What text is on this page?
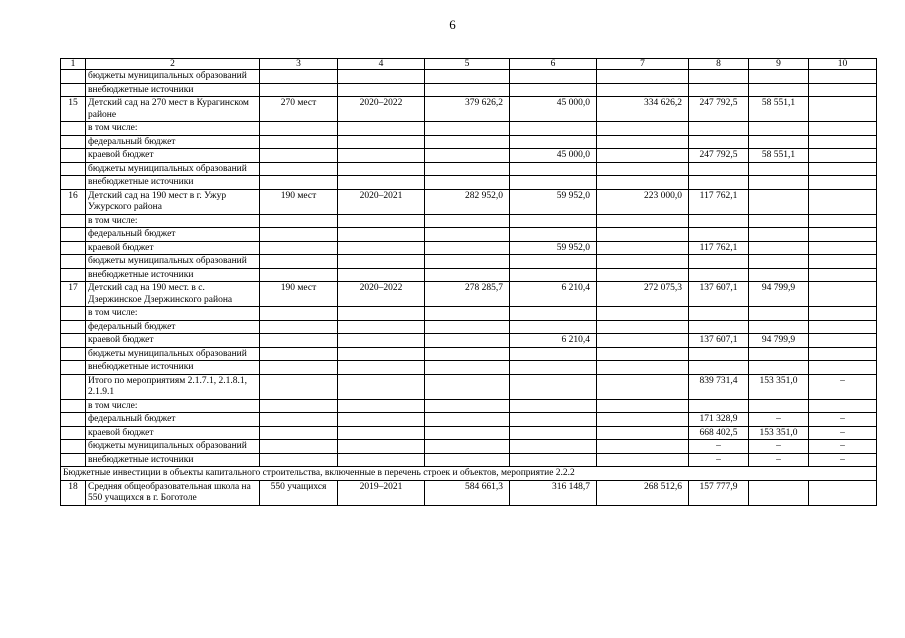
6
1	2	3	4	5	6	7	8	9	10
	бюджеты муниципальных образований								
	внебюджетные источники								
15	Детский сад на 270 мест в Курагинском районе	270 мест	2020–2022	379 626,2	45 000,0	334 626,2	247 792,5	58 551,1	
	в том числе:								
	федеральный бюджет								
	краевой бюджет				45 000,0		247 792,5	58 551,1	
	бюджеты муниципальных образований								
	внебюджетные источники								
16	Детский сад на 190 мест в г. Ужур Ужурского района	190 мест	2020–2021	282 952,0	59 952,0	223 000,0	117 762,1		
	в том числе:								
	федеральный бюджет								
	краевой бюджет				59 952,0		117 762,1		
	бюджеты муниципальных образований								
	внебюджетные источники								
17	Детский сад на 190 мест. в с. Дзержинское Дзержинского района	190 мест	2020–2022	278 285,7	6 210,4	272 075,3	137 607,1	94 799,9	
	в том числе:								
	федеральный бюджет								
	краевой бюджет				6 210,4		137 607,1	94 799,9	
	бюджеты муниципальных образований								
	внебюджетные источники								
	Итого по мероприятиям 2.1.7.1, 2.1.8.1, 2.1.9.1						839 731,4	153 351,0	–
	в том числе:								
	федеральный бюджет						171 328,9	–	–
	краевой бюджет						668 402,5	153 351,0	–
	бюджеты муниципальных образований						–	–	–
	внебюджетные источники						–	–	–
Бюджетные инвестиции в объекты капитального строительства, включенные в перечень строек и объектов, мероприятие 2.2.2									
18	Средняя общеобразовательная школа на 550 учащихся в г. Боготоле	550 учащихся	2019–2021	584 661,3	316 148,7	268 512,6	157 777,9		
